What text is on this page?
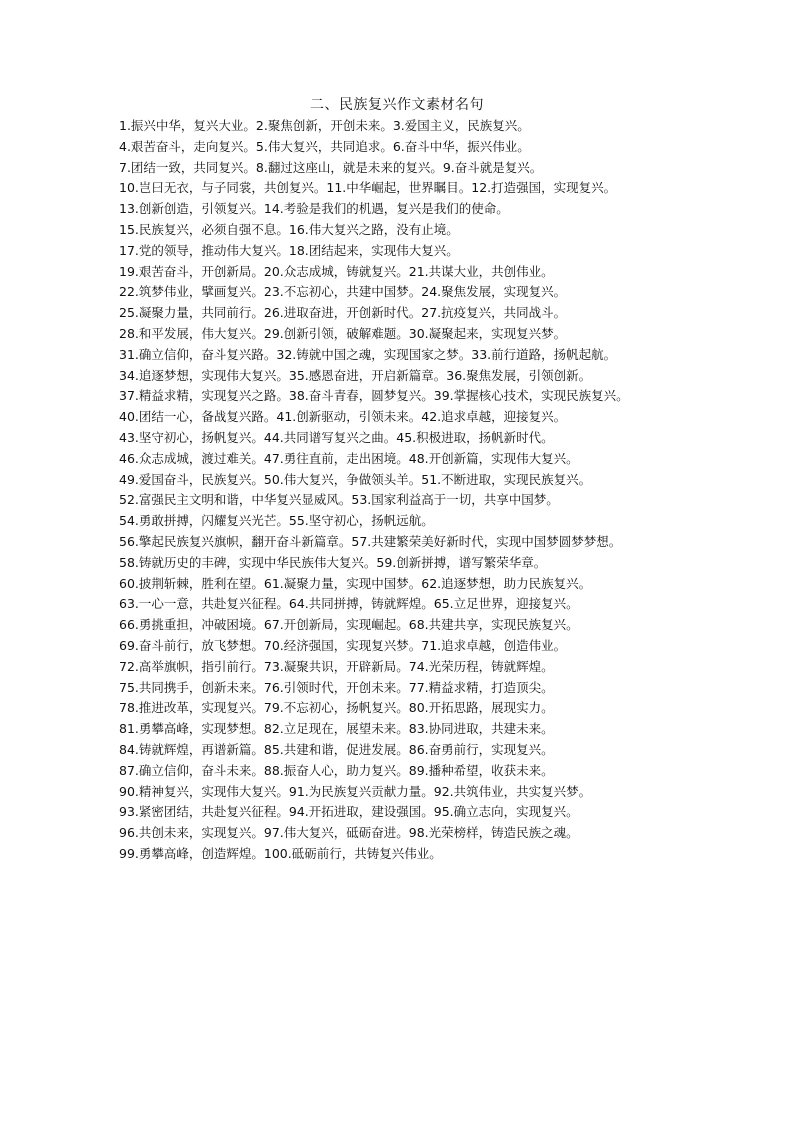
二、民族复兴作文素材名句
1.振兴中华，复兴大业。2.聚焦创新，开创未来。3.爱国主义，民族复兴。
4.艰苦奋斗，走向复兴。5.伟大复兴，共同追求。6.奋斗中华，振兴伟业。
7.团结一致，共同复兴。8.翻过这座山，就是未来的复兴。9.奋斗就是复兴。
10.岂曰无衣，与子同裳，共创复兴。11.中华崛起，世界瞩目。12.打造强国，实现复兴。
13.创新创造，引领复兴。14.考验是我们的机遇，复兴是我们的使命。
15.民族复兴，必须自强不息。16.伟大复兴之路，没有止境。
17.党的领导，推动伟大复兴。18.团结起来，实现伟大复兴。
19.艰苦奋斗，开创新局。20.众志成城，铸就复兴。21.共谋大业，共创伟业。
22.筑梦伟业，擘画复兴。23.不忘初心，共建中国梦。24.聚焦发展，实现复兴。
25.凝聚力量，共同前行。26.进取奋进，开创新时代。27.抗疫复兴，共同战斗。
28.和平发展，伟大复兴。29.创新引领，破解难题。30.凝聚起来，实现复兴梦。
31.确立信仰，奋斗复兴路。32.铸就中国之魂，实现国家之梦。33.前行道路，扬帆起航。
34.追逐梦想，实现伟大复兴。35.感恩奋进，开启新篇章。36.聚焦发展，引领创新。
37.精益求精，实现复兴之路。38.奋斗青春，圆梦复兴。39.掌握核心技术，实现民族复兴。
40.团结一心，备战复兴路。41.创新驱动，引领未来。42.追求卓越，迎接复兴。
43.坚守初心，扬帆复兴。44.共同谱写复兴之曲。45.积极进取，扬帆新时代。
46.众志成城，渡过难关。47.勇往直前，走出困境。48.开创新篇，实现伟大复兴。
49.爱国奋斗，民族复兴。50.伟大复兴，争做领头羊。51.不断进取，实现民族复兴。
52.富强民主文明和谐，中华复兴显威风。53.国家利益高于一切，共享中国梦。
54.勇敢拼搏，闪耀复兴光芒。55.坚守初心，扬帆远航。
56.擎起民族复兴旗帜，翻开奋斗新篇章。57.共建繁荣美好新时代，实现中国梦圆梦梦想。
58.铸就历史的丰碑，实现中华民族伟大复兴。59.创新拼搏，谱写繁荣华章。
60.披荆斩棘，胜利在望。61.凝聚力量，实现中国梦。62.追逐梦想，助力民族复兴。
63.一心一意，共赴复兴征程。64.共同拼搏，铸就辉煌。65.立足世界，迎接复兴。
66.勇挑重担，冲破困境。67.开创新局，实现崛起。68.共建共享，实现民族复兴。
69.奋斗前行，放飞梦想。70.经济强国，实现复兴梦。71.追求卓越，创造伟业。
72.高举旗帜，指引前行。73.凝聚共识，开辟新局。74.光荣历程，铸就辉煌。
75.共同携手，创新未来。76.引领时代，开创未来。77.精益求精，打造顶尖。
78.推进改革，实现复兴。79.不忘初心，扬帆复兴。80.开拓思路，展现实力。
81.勇攀高峰，实现梦想。82.立足现在，展望未来。83.协同进取，共建未来。
84.铸就辉煌，再谱新篇。85.共建和谐，促进发展。86.奋勇前行，实现复兴。
87.确立信仰，奋斗未来。88.振奋人心，助力复兴。89.播种希望，收获未来。
90.精神复兴，实现伟大复兴。91.为民族复兴贡献力量。92.共筑伟业，共实复兴梦。
93.紧密团结，共赴复兴征程。94.开拓进取，建设强国。95.确立志向，实现复兴。
96.共创未来，实现复兴。97.伟大复兴，砥砺奋进。98.光荣榜样，铸造民族之魂。
99.勇攀高峰，创造辉煌。100.砥砺前行，共铸复兴伟业。
